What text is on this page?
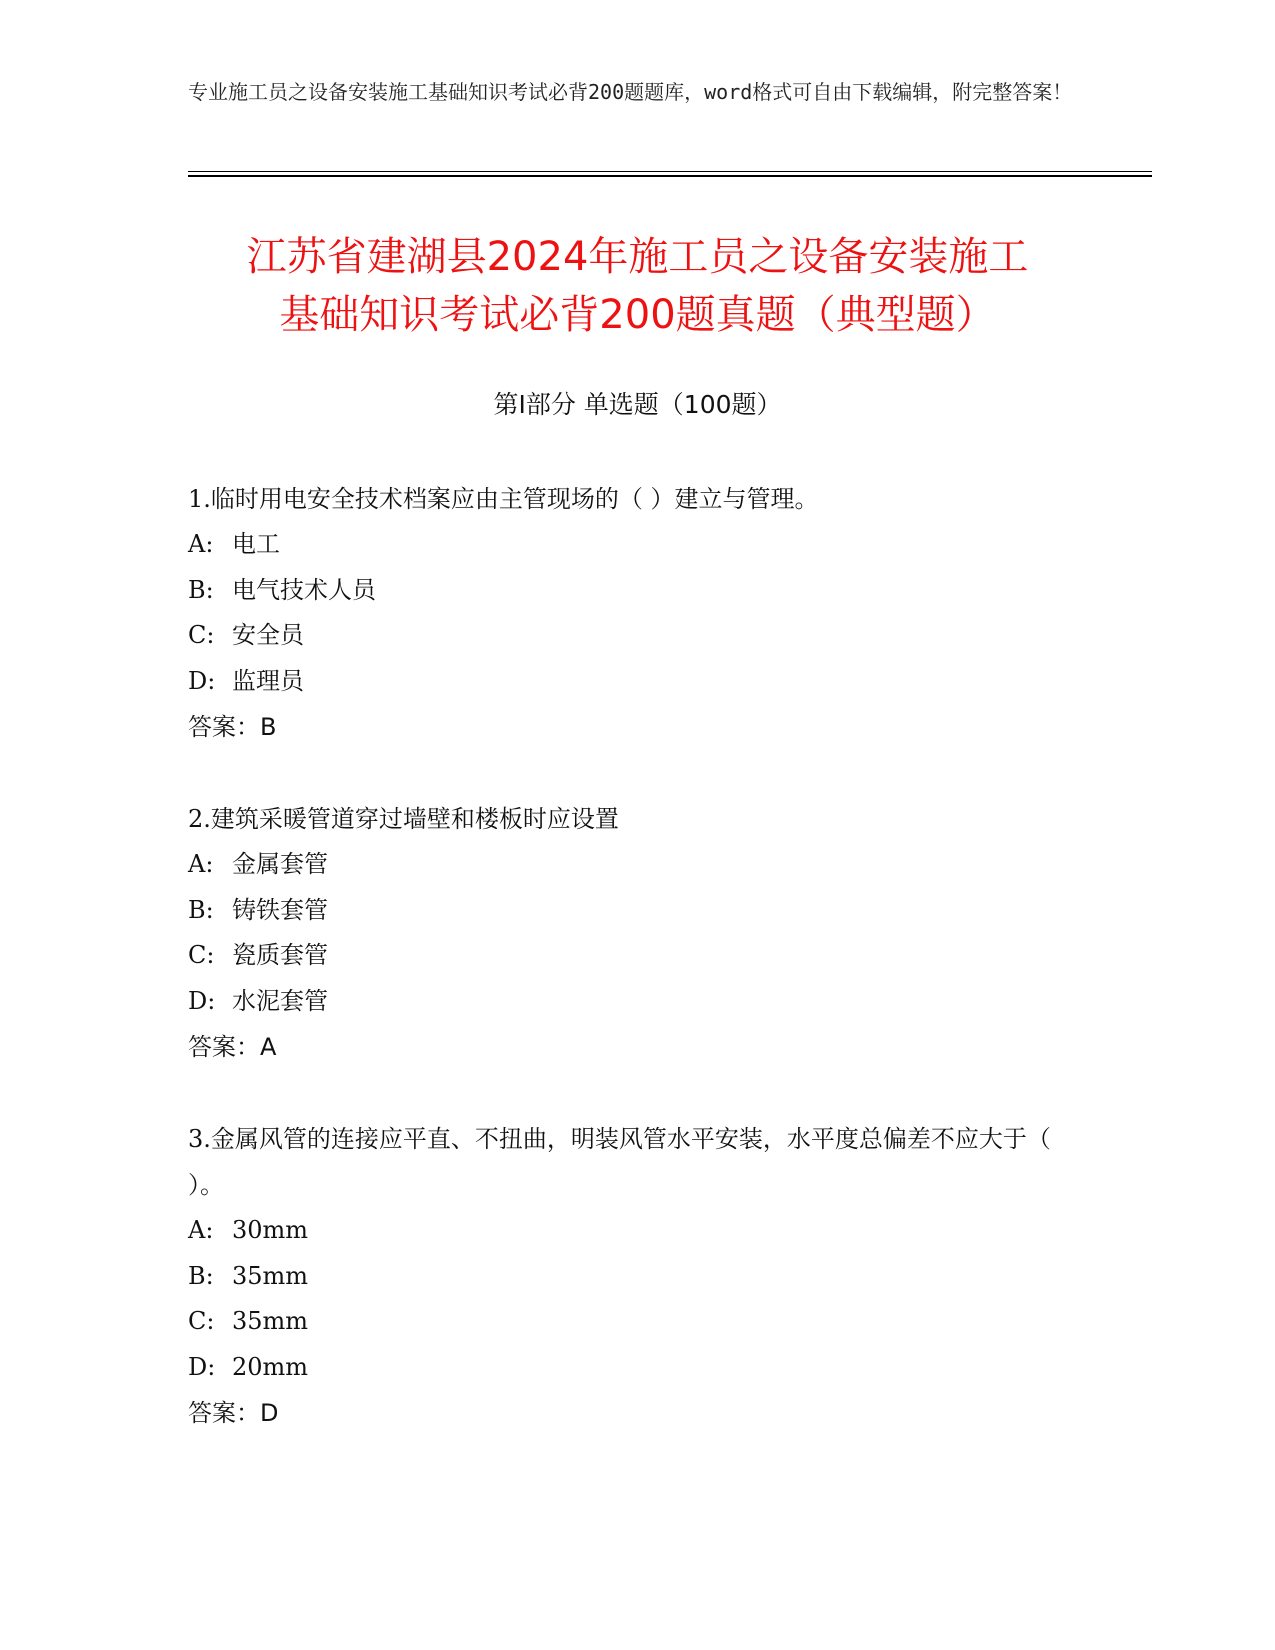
专业施工员之设备安装施工基础知识考试必背200题题库，word格式可自由下载编辑，附完整答案！
江苏省建湖县2024年施工员之设备安装施工
基础知识考试必背200题真题（典型题）
第Ⅰ部分 单选题（100题）
1.临时用电安全技术档案应由主管现场的（ ）建立与管理。
A: 电工
B: 电气技术人员
C: 安全员
D: 监理员
答案：B
2.建筑采暖管道穿过墙壁和楼板时应设置
A: 金属套管
B: 铸铁套管
C: 瓷质套管
D: 水泥套管
答案：A
3.金属风管的连接应平直、不扭曲，明装风管水平安装，水平度总偏差不应大于（ ）。
A: 30mm
B: 35mm
C: 35mm
D: 20mm
答案：D
